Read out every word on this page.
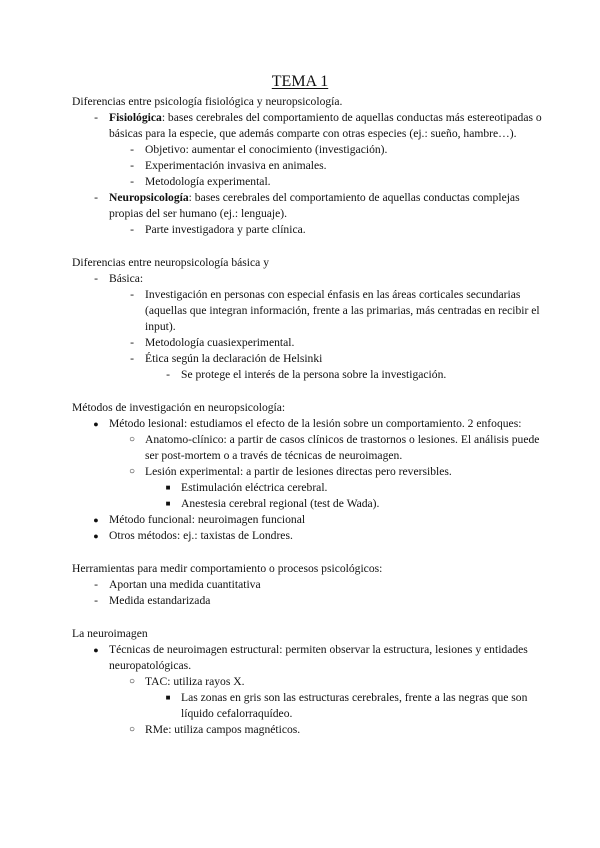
TEMA 1

Diferencias entre psicología fisiológica y neuropsicología.

- Fisiológica: bases cerebrales del comportamiento de aquellas conductas más estereotipadas o básicas para la especie, que además comparte con otras especies (ej.: sueño, hambre…).
- Objetivo: aumentar el conocimiento (investigación).
- Experimentación invasiva en animales.
- Metodología experimental.
- Neuropsicología: bases cerebrales del comportamiento de aquellas conductas complejas propias del ser humano (ej.: lenguaje).
- Parte investigadora y parte clínica.

Diferencias entre neuropsicología básica y

- Básica:
- Investigación en personas con especial énfasis en las áreas corticales secundarias (aquellas que integran información, frente a las primarias, más centradas en recibir el input).
- Metodología cuasiexperimental.
- Ética según la declaración de Helsinki
- Se protege el interés de la persona sobre la investigación.

Métodos de investigación en neuropsicología:

● Método lesional: estudiamos el efecto de la lesión sobre un comportamiento. 2 enfoques:
○ Anatomo-clínico: a partir de casos clínicos de trastornos o lesiones. El análisis puede ser post-mortem o a través de técnicas de neuroimagen.
○ Lesión experimental: a partir de lesiones directas pero reversibles.
■ Estimulación eléctrica cerebral.
■ Anestesia cerebral regional (test de Wada).
● Método funcional: neuroimagen funcional
● Otros métodos: ej.: taxistas de Londres.

Herramientas para medir comportamiento o procesos psicológicos:

- Aportan una medida cuantitativa
- Medida estandarizada

La neuroimagen

● Técnicas de neuroimagen estructural: permiten observar la estructura, lesiones y entidades neuropatológicas.
○ TAC: utiliza rayos X.
■ Las zonas en gris son las estructuras cerebrales, frente a las negras que son líquido cefalorraquídeo.
○ RMe: utiliza campos magnéticos.
